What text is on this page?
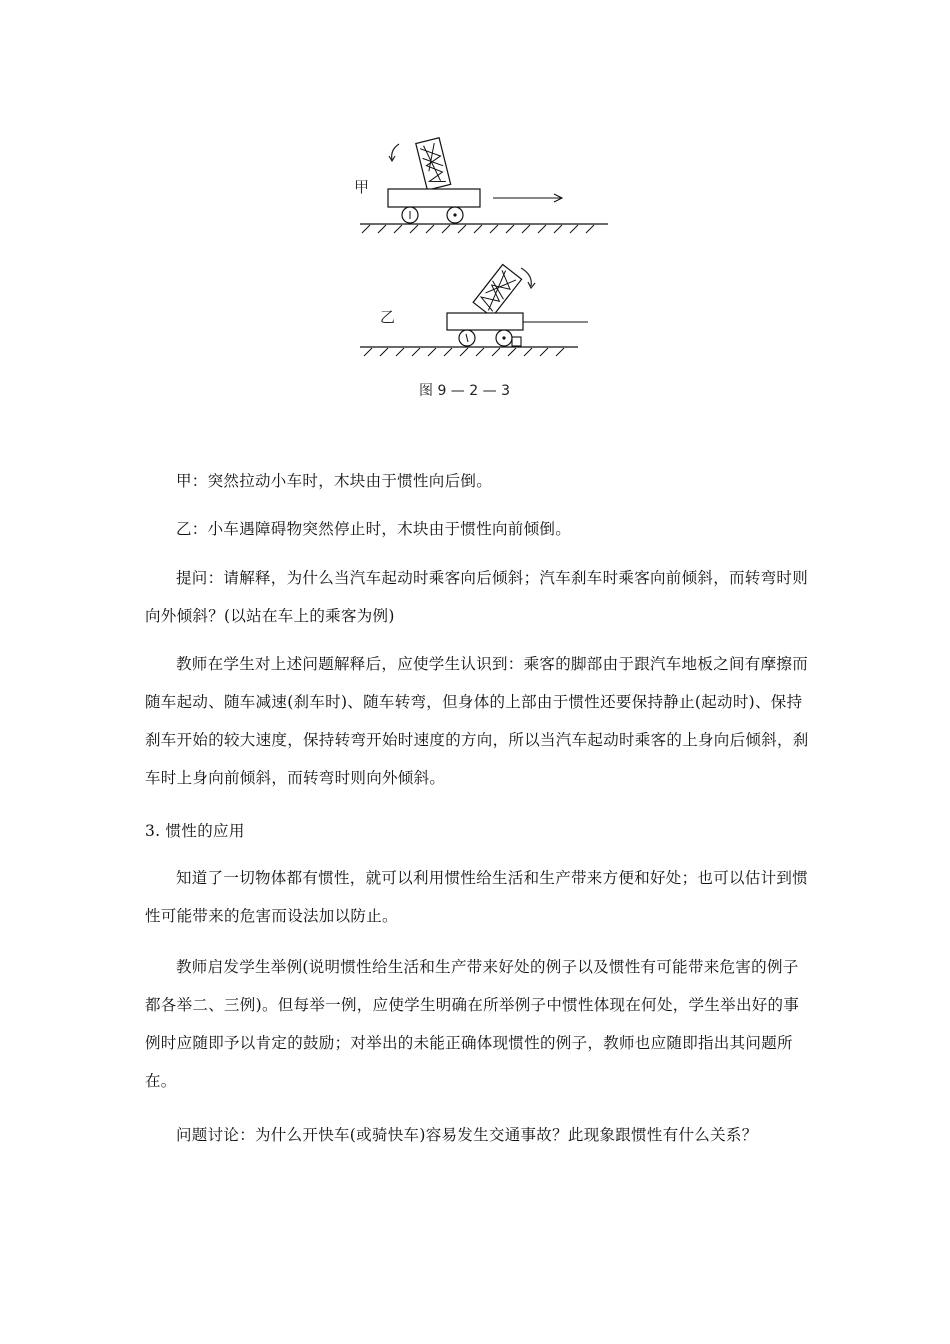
甲
乙
图 9 — 2 — 3

甲：突然拉动小车时，木块由于惯性向后倒。

乙：小车遇障碍物突然停止时，木块由于惯性向前倾倒。

提问：请解释，为什么当汽车起动时乘客向后倾斜；汽车刹车时乘客向前倾斜，而转弯时则向外倾斜？(以站在车上的乘客为例)

教师在学生对上述问题解释后，应使学生认识到：乘客的脚部由于跟汽车地板之间有摩擦而随车起动、随车减速(刹车时)、随车转弯，但身体的上部由于惯性还要保持静止(起动时)、保持刹车开始的较大速度，保持转弯开始时速度的方向，所以当汽车起动时乘客的上身向后倾斜，刹车时上身向前倾斜，而转弯时则向外倾斜。

3. 惯性的应用

知道了一切物体都有惯性，就可以利用惯性给生活和生产带来方便和好处；也可以估计到惯性可能带来的危害而设法加以防止。

教师启发学生举例(说明惯性给生活和生产带来好处的例子以及惯性有可能带来危害的例子都各举二、三例)。但每举一例，应使学生明确在所举例子中惯性体现在何处，学生举出好的事例时应随即予以肯定的鼓励；对举出的未能正确体现惯性的例子，教师也应随即指出其问题所在。

问题讨论：为什么开快车(或骑快车)容易发生交通事故？此现象跟惯性有什么关系？
